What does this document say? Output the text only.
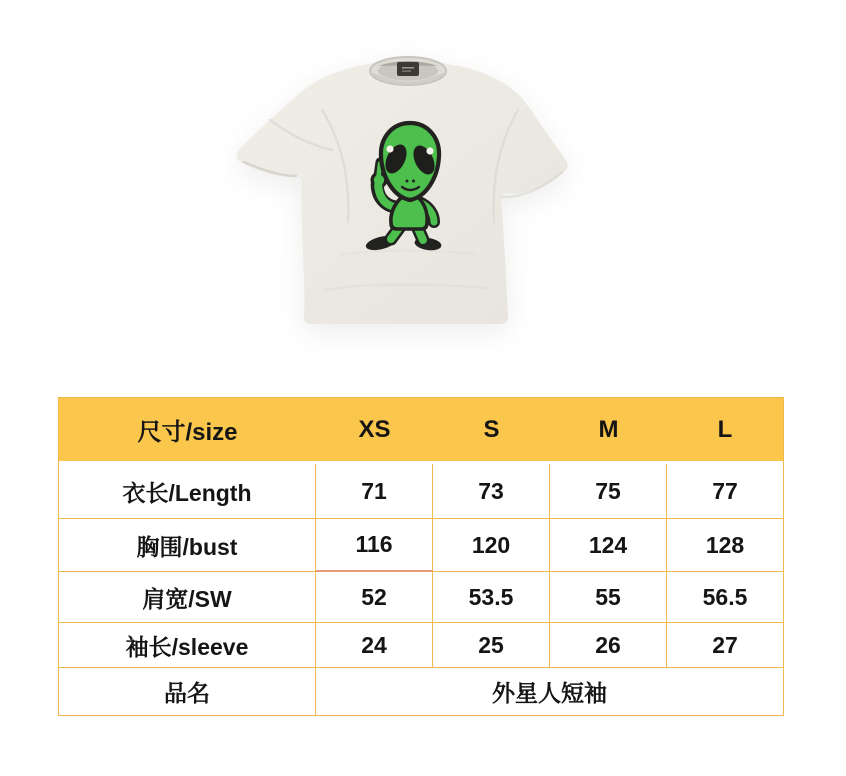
尺寸/size	XS	S	M	L
衣长/Length	71	73	75	77
胸围/bust	116	120	124	128
肩宽/SW	52	53.5	55	56.5
袖长/sleeve	24	25	26	27
品名	外星人短袖			
